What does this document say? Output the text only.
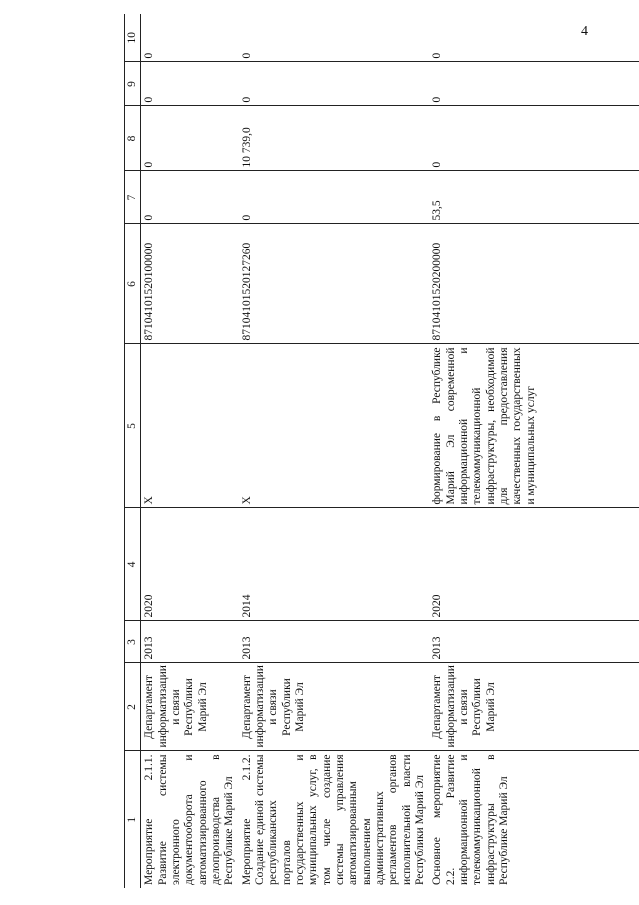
4
1	2	3	4	5	6	7	8	9	10
Мероприятие 2.1.1. Развитие системы электронного документооборота и автоматизированного делопроизводства в Республике Марий Эл	Департамент информатизации и связи Республики Марий Эл	2013	2020	X	87104101520100000	0	0	0	0
Мероприятие 2.1.2. Создание единой системы республиканских порталов государственных и муниципальных услуг, в том числе создание системы управления автоматизированным выполнением административных регламентов органов исполнительной власти Республики Марий Эл	Департамент информатизации и связи Республики Марий Эл	2013	2014	X	87104101520127260	0	10 739,0	0	0
Основное мероприятие 2.2. Развитие информационной и телекоммуникационной инфраструктуры в Республике Марий Эл	Департамент информатизации и связи Республики Марий Эл	2013	2020	формирование в Республике Марий Эл современной информационной и телекоммуникационной инфраструктуры, необходимой для предоставления качественных государственных и муниципальных услуг	87104101520200000	53,5	0	0	0
